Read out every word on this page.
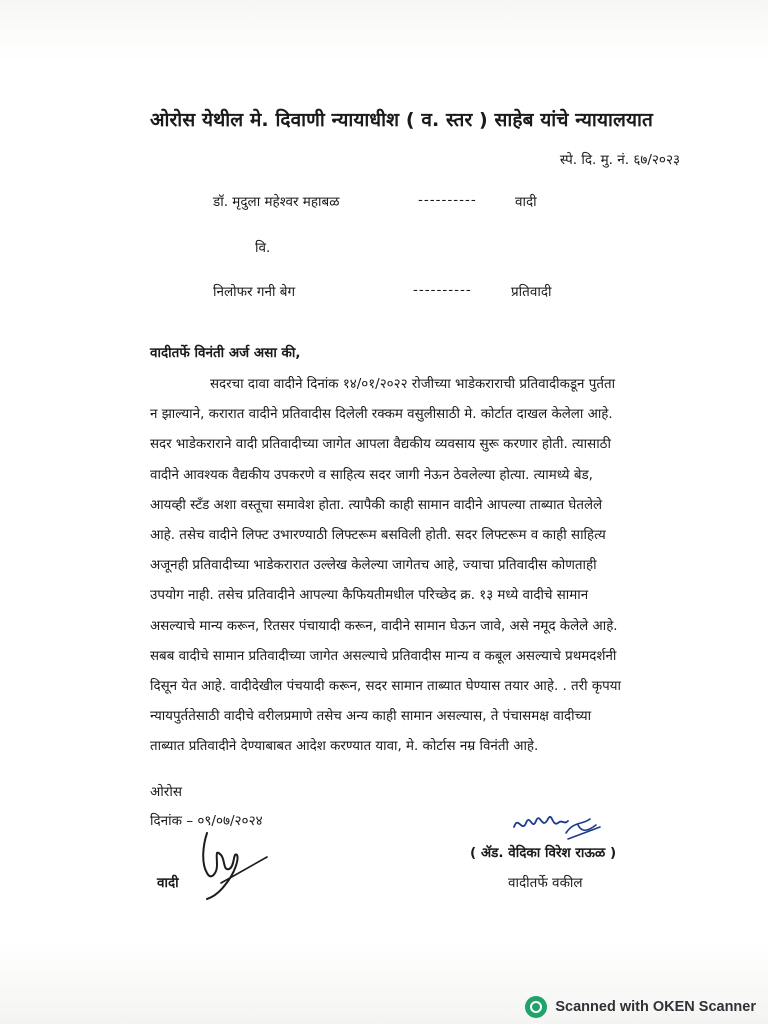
ओरोस येथील मे. दिवाणी न्यायाधीश ( व. स्तर ) साहेब यांचे न्यायालयात
स्पे. दि. मु. नं. ६७/२०२३
डॉ. मृदुला महेश्वर महाबळ	----------	वादी
वि.
निलोफर गनी बेग	----------	प्रतिवादी
वादीतर्फे विनंती अर्ज असा की,
सदरचा दावा वादीने दिनांक १४/०१/२०२२ रोजीच्या भाडेकराराची प्रतिवादीकडून पुर्तता
न झाल्याने, करारात वादीने प्रतिवादीस दिलेली रक्कम वसुलीसाठी मे. कोर्टात दाखल केलेला आहे.
सदर भाडेकराराने वादी प्रतिवादीच्या जागेत आपला वैद्यकीय व्यवसाय सुरू करणार होती. त्यासाठी
वादीने आवश्यक वैद्यकीय उपकरणे व साहित्य सदर जागी नेऊन ठेवलेल्या होत्या. त्यामध्ये बेड,
आयव्ही स्टॅंड अशा वस्तूचा समावेश होता. त्यापैकी काही सामान वादीने आपल्या ताब्यात घेतलेले
आहे. तसेच वादीने लिफ्ट उभारण्याठी लिफ्टरूम बसविली होती. सदर लिफ्टरूम व काही साहित्य
अजूनही प्रतिवादीच्या भाडेकरारात उल्लेख केलेल्या जागेतच आहे, ज्याचा प्रतिवादीस कोणताही
उपयोग नाही. तसेच प्रतिवादीने आपल्या कैफियतीमधील परिच्छेद क्र. १३ मध्ये वादीचे सामान
असल्याचे मान्य करून, रितसर पंचायादी करून, वादीने सामान घेऊन जावे, असे नमूद केलेले आहे.
सबब वादीचे सामान प्रतिवादीच्या जागेत असल्याचे प्रतिवादीस मान्य व कबूल असल्याचे प्रथमदर्शनी
दिसून येत आहे. वादीदेखील पंचयादी करून, सदर सामान ताब्यात घेण्यास तयार आहे. . तरी कृपया
न्यायपुर्ततेसाठी वादीचे वरीलप्रमाणे तसेच अन्य काही सामान असल्यास, ते पंचासमक्ष वादीच्या
ताब्यात प्रतिवादीने देण्याबाबत आदेश करण्यात यावा, मे. कोर्टास नम्र विनंती आहे.
ओरोस
दिनांक – ०९/०७/२०२४
वादी
( ॲड. वेदिका विरेश राऊळ )
वादीतर्फे वकील
Scanned with OKEN Scanner
